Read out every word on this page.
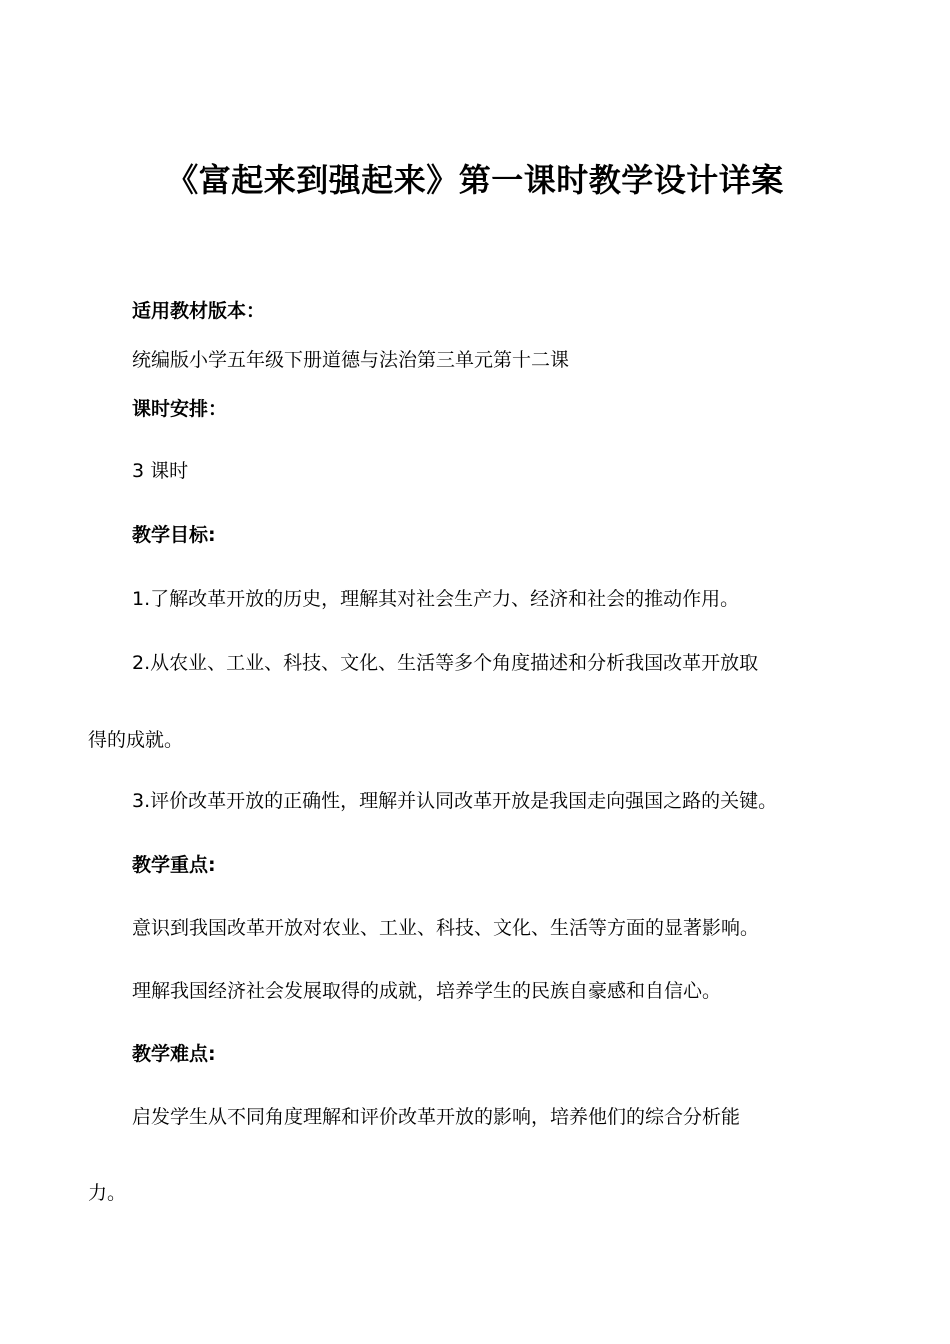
《富起来到强起来》第一课时教学设计详案
适用教材版本：
统编版小学五年级下册道德与法治第三单元第十二课
课时安排：
3 课时
教学目标:
1.了解改革开放的历史，理解其对社会生产力、经济和社会的推动作用。
2.从农业、工业、科技、文化、生活等多个角度描述和分析我国改革开放取
得的成就。
3.评价改革开放的正确性，理解并认同改革开放是我国走向强国之路的关键。
教学重点:
意识到我国改革开放对农业、工业、科技、文化、生活等方面的显著影响。
理解我国经济社会发展取得的成就，培养学生的民族自豪感和自信心。
教学难点:
启发学生从不同角度理解和评价改革开放的影响，培养他们的综合分析能
力。
